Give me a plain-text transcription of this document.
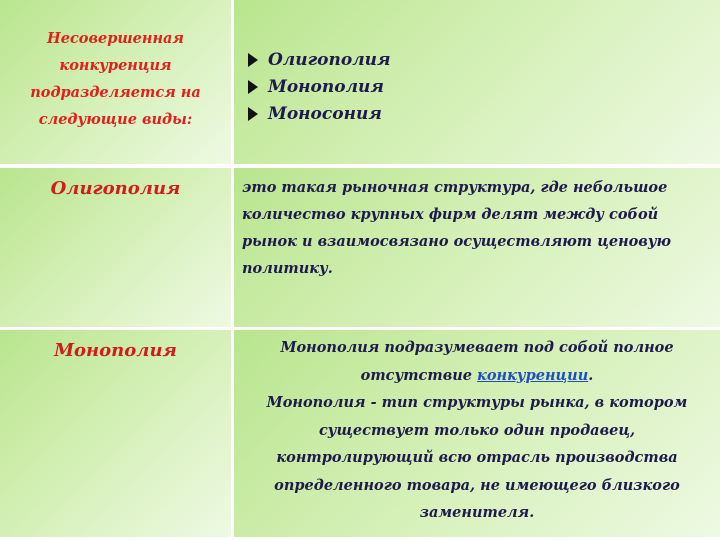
Несовершенная конкуренция подразделяется на следующие виды:
Олигополия
Монополия
Моносония
Олигополия	это такая рыночная структура, где небольшое количество крупных фирм делят между собой рынок и взаимосвязано осуществляют ценовую политику.
Монополия	Монополия подразумевает под собой полное отсутствие конкуренции.
Монополия - тип структуры рынка, в котором существует только один продавец, контролирующий всю отрасль производства определенного товара, не имеющего близкого заменителя.
